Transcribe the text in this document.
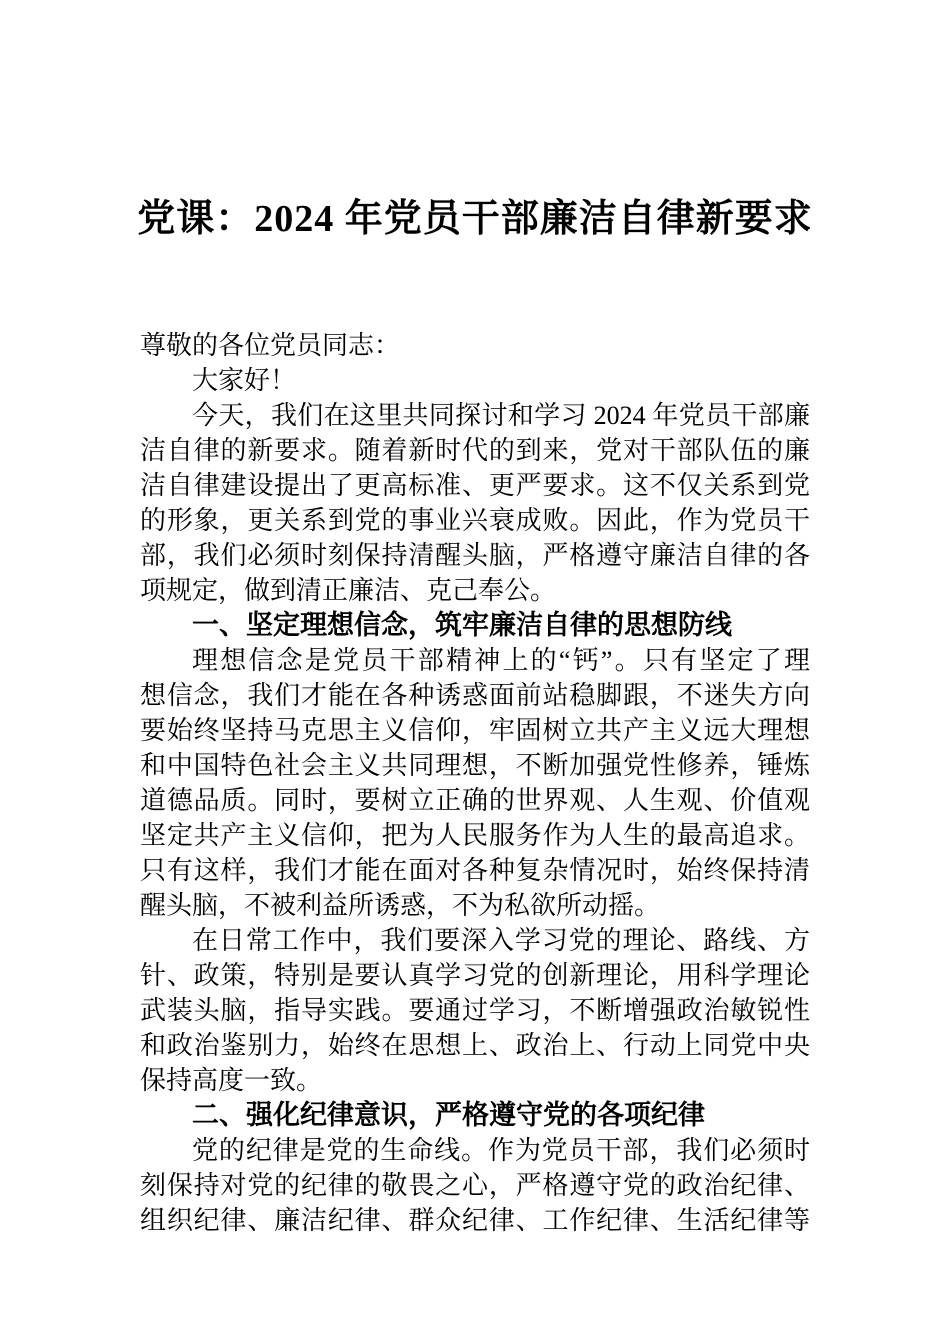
党课：2024 年党员干部廉洁自律新要求
尊敬的各位党员同志：
大家好！
今天，我们在这里共同探讨和学习 2024 年党员干部廉
洁自律的新要求。随着新时代的到来，党对干部队伍的廉
洁自律建设提出了更高标准、更严要求。这不仅关系到党
的形象，更关系到党的事业兴衰成败。因此，作为党员干
部，我们必须时刻保持清醒头脑，严格遵守廉洁自律的各
项规定，做到清正廉洁、克己奉公。
一、坚定理想信念，筑牢廉洁自律的思想防线
理想信念是党员干部精神上的“钙”。只有坚定了理
想信念，我们才能在各种诱惑面前站稳脚跟，不迷失方向
要始终坚持马克思主义信仰，牢固树立共产主义远大理想
和中国特色社会主义共同理想，不断加强党性修养，锤炼
道德品质。同时，要树立正确的世界观、人生观、价值观
坚定共产主义信仰，把为人民服务作为人生的最高追求。
只有这样，我们才能在面对各种复杂情况时，始终保持清
醒头脑，不被利益所诱惑，不为私欲所动摇。
在日常工作中，我们要深入学习党的理论、路线、方
针、政策，特别是要认真学习党的创新理论，用科学理论
武装头脑，指导实践。要通过学习，不断增强政治敏锐性
和政治鉴别力，始终在思想上、政治上、行动上同党中央
保持高度一致。
二、强化纪律意识，严格遵守党的各项纪律
党的纪律是党的生命线。作为党员干部，我们必须时
刻保持对党的纪律的敬畏之心，严格遵守党的政治纪律、
组织纪律、廉洁纪律、群众纪律、工作纪律、生活纪律等
